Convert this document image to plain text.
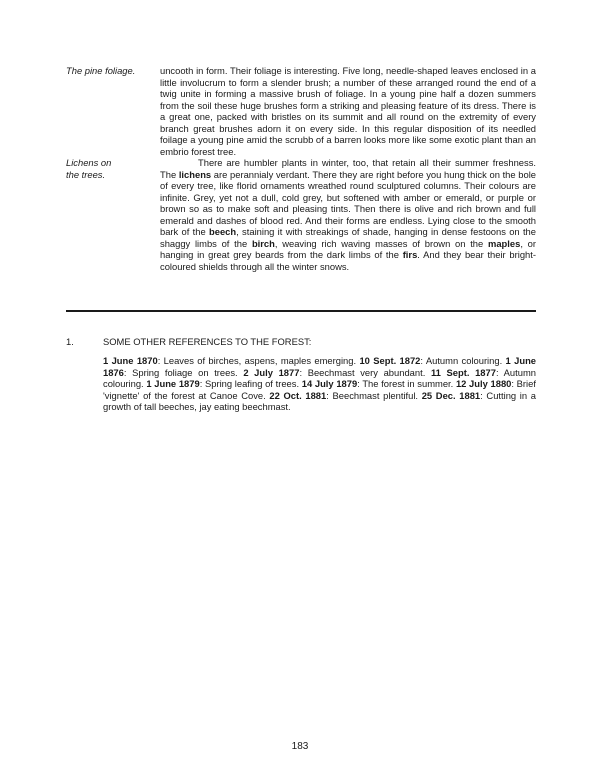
The pine foliage.	uncooth in form. Their foliage is interesting. Five long, needle-shaped leaves enclosed in a little involucrum to form a slender brush; a number of these arranged round the end of a twig unite in forming a massive brush of foliage. In a young pine half a dozen summers from the soil these huge brushes form a striking and pleasing feature of its dress. There is a great one, packed with bristles on its summit and all round on the extremity of every branch great brushes adorn it on every side. In this regular disposition of its needled foilage a young pine amid the scrubb of a barren looks more like some exotic plant than an embrio forest tree.

Lichens on
the trees.

There are humbler plants in winter, too, that retain all their summer freshness. The lichens are perannialy verdant. There they are right before you hung thick on the bole of every tree, like florid ornaments wreathed round sculptured columns. Their colours are infinite. Grey, yet not a dull, cold grey, but softened with amber or emerald, or purple or brown so as to make soft and pleasing tints. Then there is olive and rich brown and full emerald and dashes of blood red. And their forms are endless. Lying close to the smooth bark of the beech, staining it with streakings of shade, hanging in dense festoons on the shaggy limbs of the birch, weaving rich waving masses of brown on the maples, or hanging in great grey beards from the dark limbs of the firs. And they bear their bright-coloured shields through all the winter snows.

1.	SOME OTHER REFERENCES TO THE FOREST:
1 June 1870: Leaves of birches, aspens, maples emerging. 10 Sept. 1872: Autumn colouring. 1 June 1876: Spring foliage on trees. 2 July 1877: Beechmast very abundant. 11 Sept. 1877: Autumn colouring. 1 June 1879: Spring leafing of trees. 14 July 1879: The forest in summer. 12 July 1880: Brief 'vignette' of the forest at Canoe Cove. 22 Oct. 1881: Beechmast plentiful. 25 Dec. 1881: Cutting in a growth of tall beeches, jay eating beechmast.
183
